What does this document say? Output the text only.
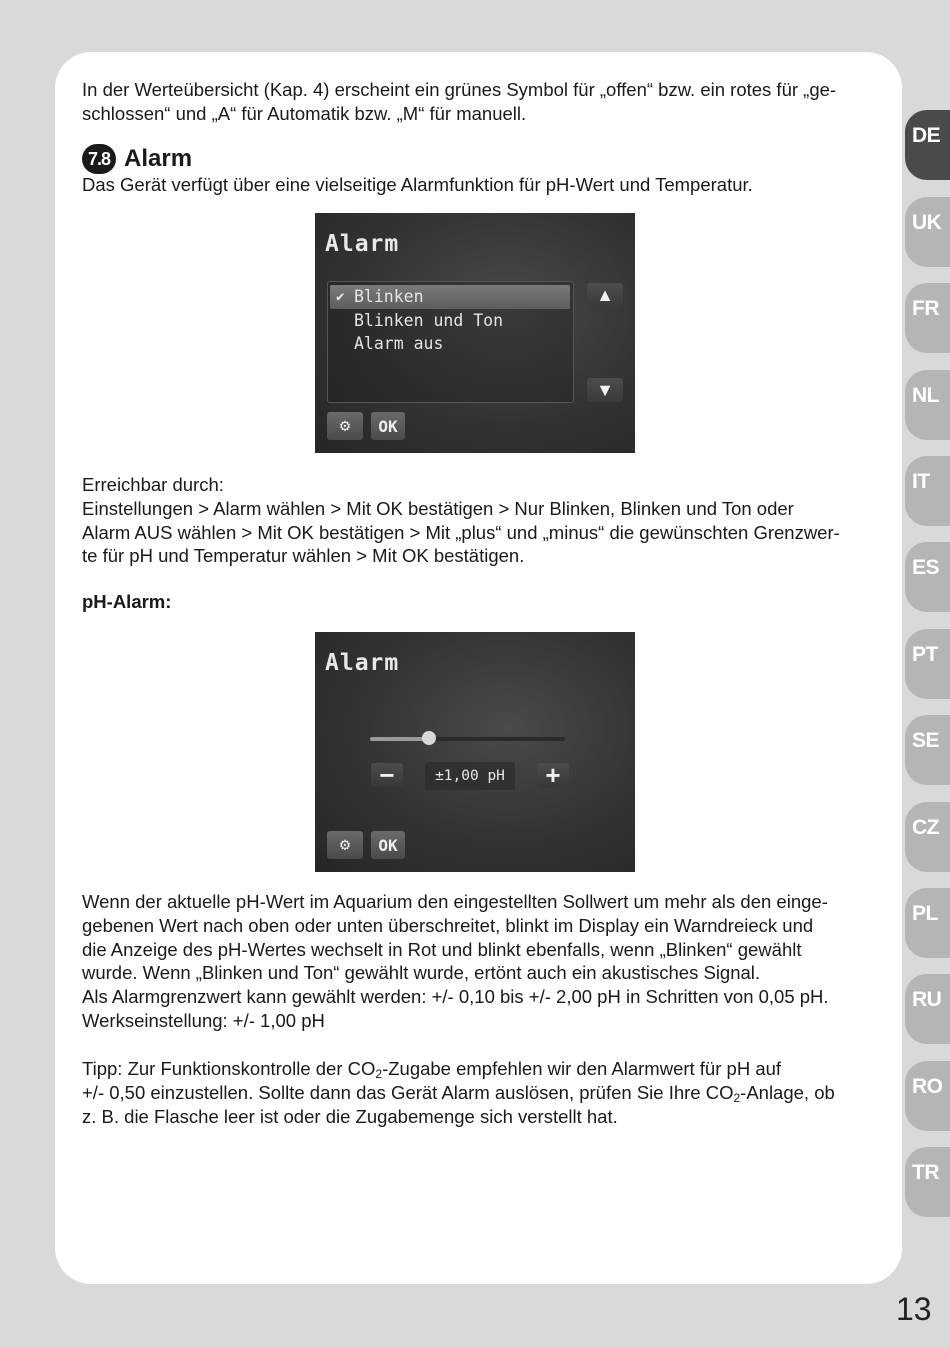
In der Werteübersicht (Kap. 4) erscheint ein grünes Symbol für „offen“ bzw. ein rotes für „ge-

schlossen“ und „A“ für Automatik bzw. „M“ für manuell.

7.8 Alarm

Das Gerät verfügt über eine vielseitige Alarmfunktion für pH-Wert und Temperatur.

Alarm
✔ Blinken
Blinken und Ton
Alarm aus
▲
▼
⚙	OK

Erreichbar durch:

Einstellungen > Alarm wählen > Mit OK bestätigen > Nur Blinken, Blinken und Ton oder

Alarm AUS wählen > Mit OK bestätigen > Mit „plus“ und „minus“ die gewünschten Grenzwer-

te für pH und Temperatur wählen > Mit OK bestätigen.

pH-Alarm:
Alarm
−	±1,00 pH	+
⚙	OK

Wenn der aktuelle pH-Wert im Aquarium den eingestellten Sollwert um mehr als den einge-

gebenen Wert nach oben oder unten überschreitet, blinkt im Display ein Warndreieck und

die Anzeige des pH-Wertes wechselt in Rot und blinkt ebenfalls, wenn „Blinken“ gewählt

wurde. Wenn „Blinken und Ton“ gewählt wurde, ertönt auch ein akustisches Signal.

Als Alarmgrenzwert kann gewählt werden: +/- 0,10 bis +/- 2,00 pH in Schritten von 0,05 pH.

Werkseinstellung: +/- 1,00 pH

Tipp: Zur Funktionskontrolle der $CO_2$-Zugabe empfehlen wir den Alarmwert für pH auf

+/- 0,50 einzustellen. Sollte dann das Gerät Alarm auslösen, prüfen Sie Ihre $CO_2$-Anlage, ob

z. B. die Flasche leer ist oder die Zugabemenge sich verstellt hat.

DE
UK
FR
NL
IT
ES
PT
SE
CZ
PL
RU
RO
TR
13
